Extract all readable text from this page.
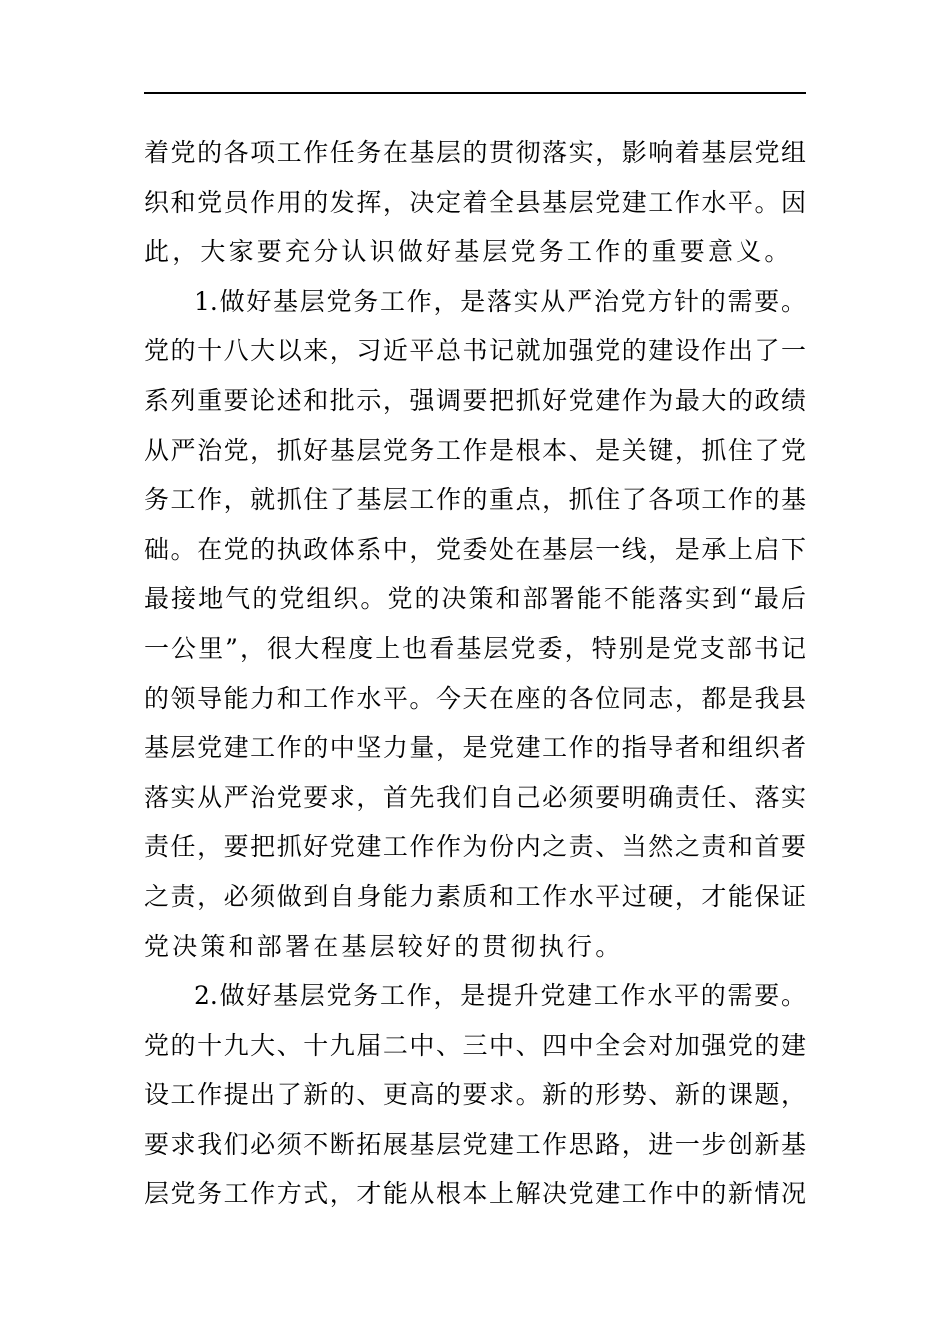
着党的各项工作任务在基层的贯彻落实，影响着基层党组
织和党员作用的发挥，决定着全县基层党建工作水平。因
此，大家要充分认识做好基层党务工作的重要意义。
1.做好基层党务工作，是落实从严治党方针的需要。
党的十八大以来，习近平总书记就加强党的建设作出了一
系列重要论述和批示，强调要把抓好党建作为最大的政绩
从严治党，抓好基层党务工作是根本、是关键，抓住了党
务工作，就抓住了基层工作的重点，抓住了各项工作的基
础。在党的执政体系中，党委处在基层一线，是承上启下
最接地气的党组织。党的决策和部署能不能落实到“最后
一公里”，很大程度上也看基层党委，特别是党支部书记
的领导能力和工作水平。今天在座的各位同志，都是我县
基层党建工作的中坚力量，是党建工作的指导者和组织者
落实从严治党要求，首先我们自己必须要明确责任、落实
责任，要把抓好党建工作作为份内之责、当然之责和首要
之责，必须做到自身能力素质和工作水平过硬，才能保证
党决策和部署在基层较好的贯彻执行。
2.做好基层党务工作，是提升党建工作水平的需要。
党的十九大、十九届二中、三中、四中全会对加强党的建
设工作提出了新的、更高的要求。新的形势、新的课题，
要求我们必须不断拓展基层党建工作思路，进一步创新基
层党务工作方式，才能从根本上解决党建工作中的新情况
